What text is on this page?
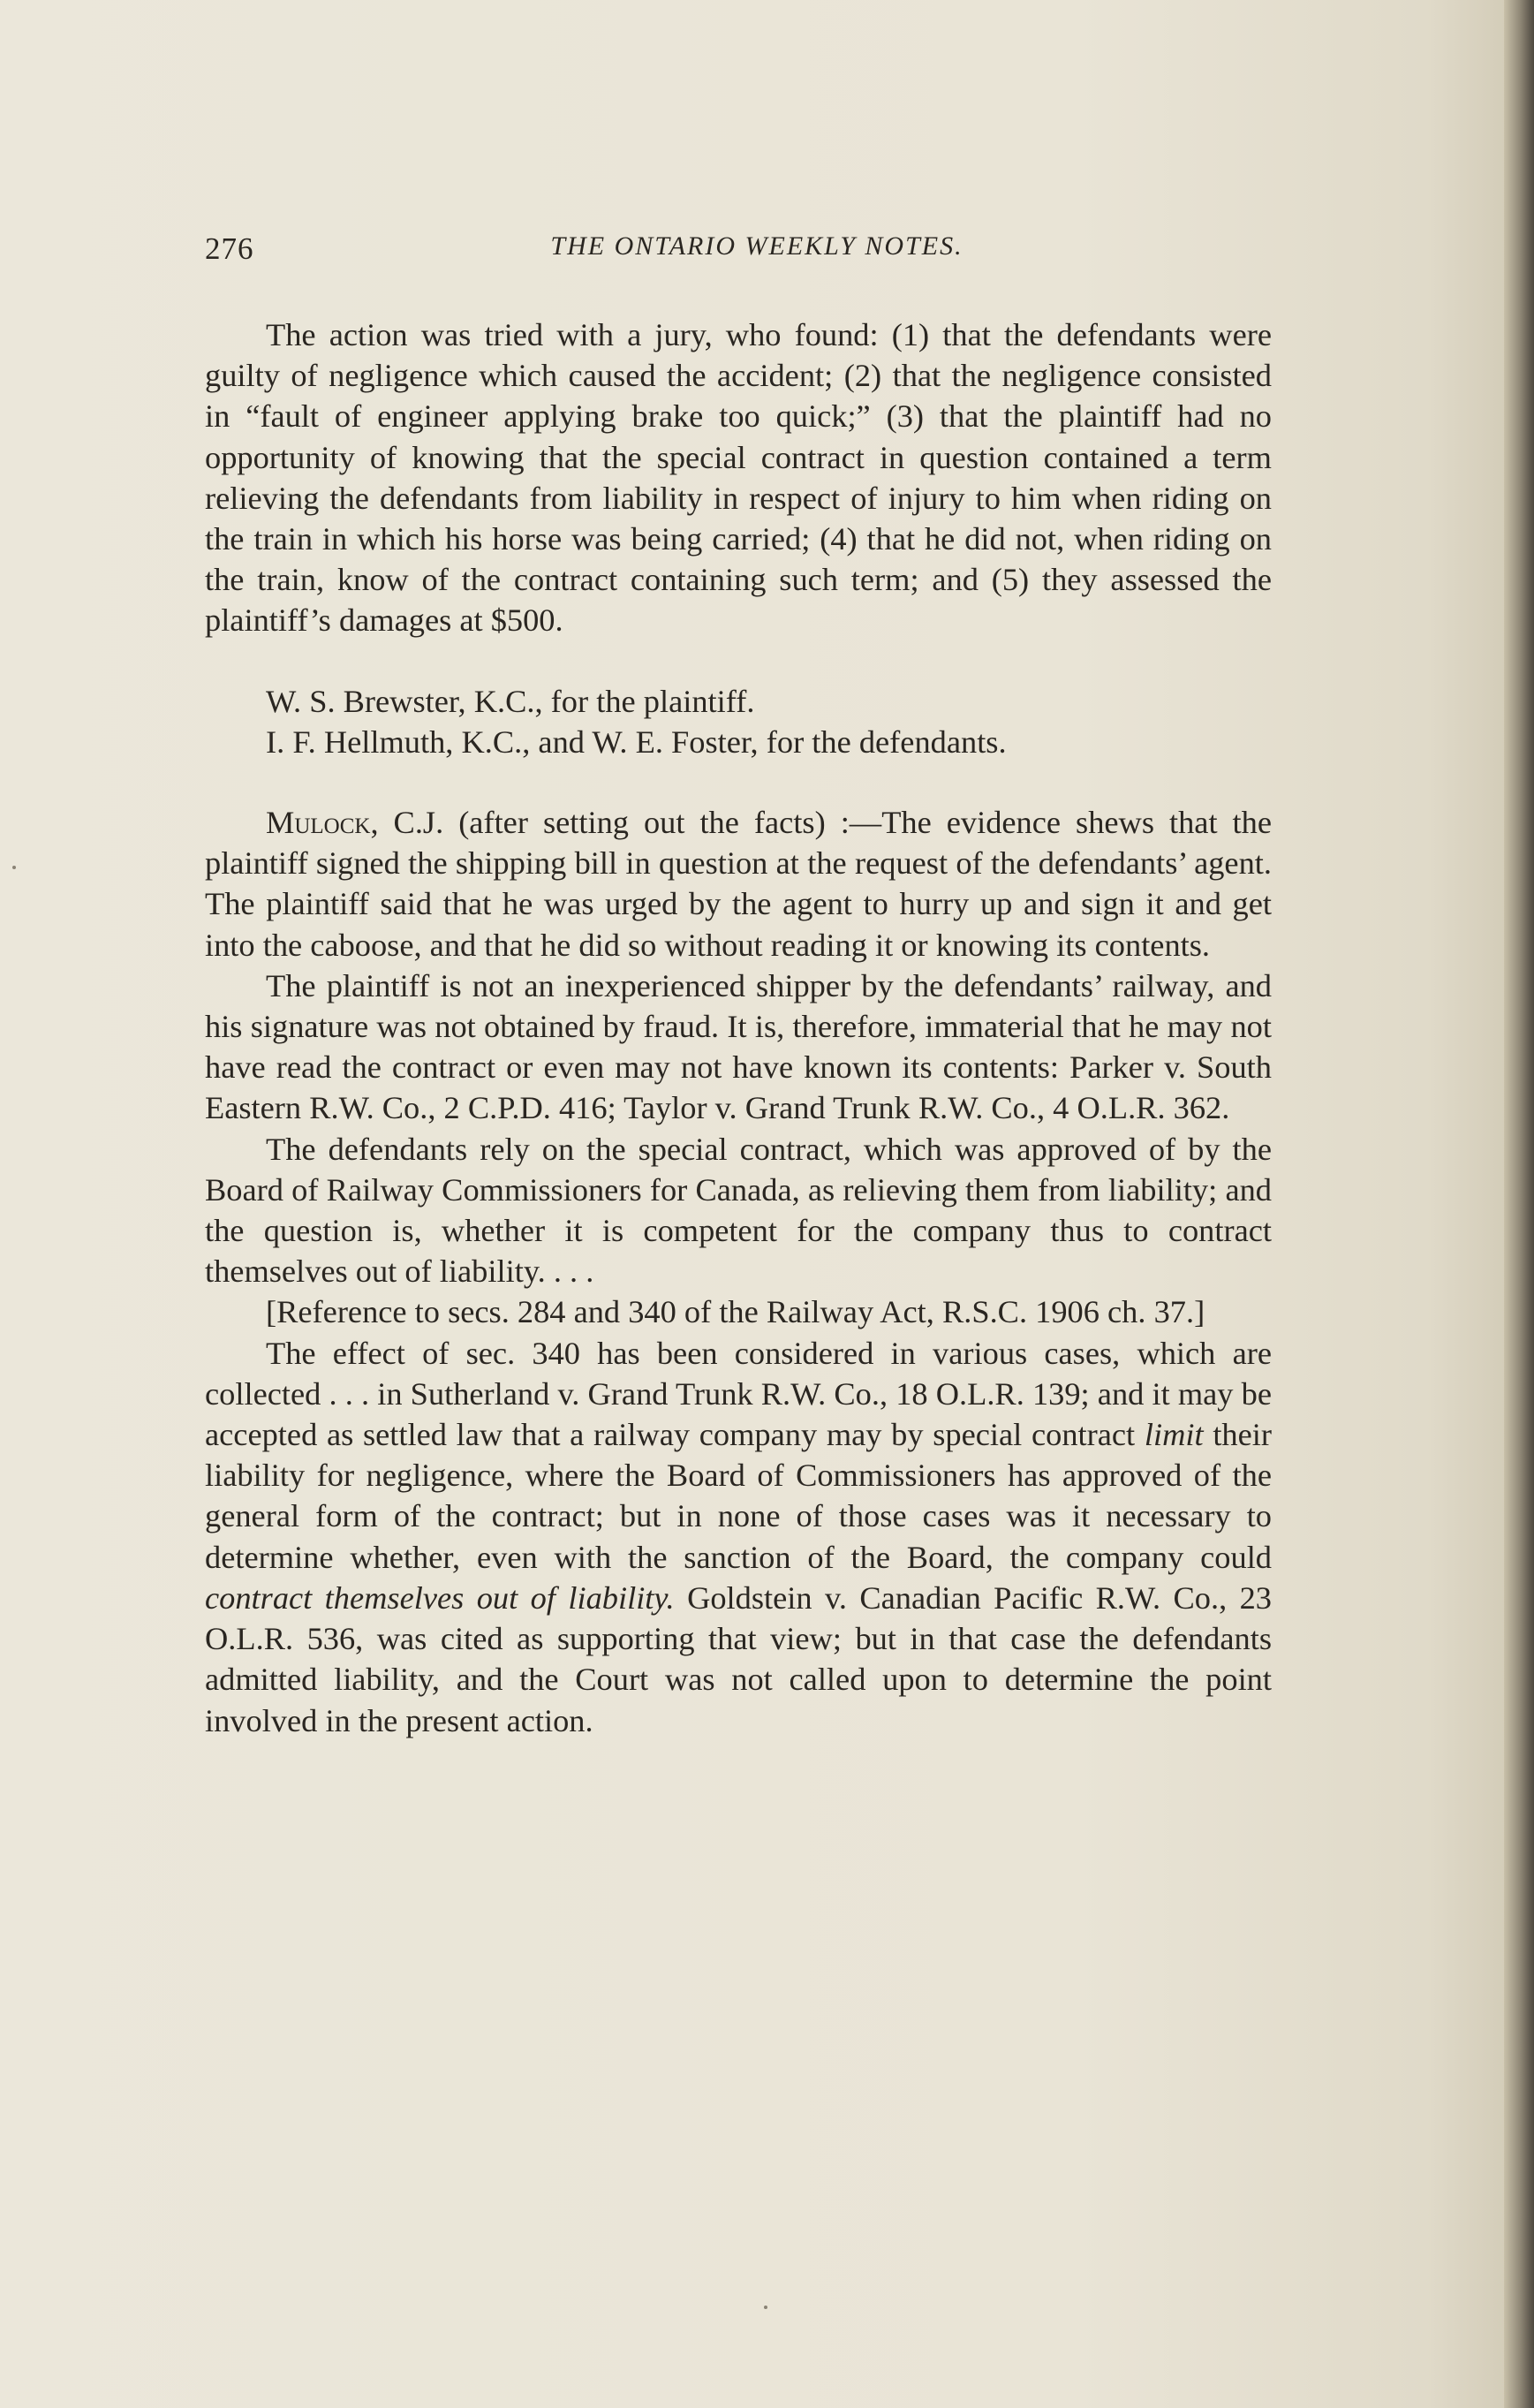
276	THE ONTARIO WEEKLY NOTES.

The action was tried with a jury, who found: (1) that the defendants were guilty of negligence which caused the accident; (2) that the negligence consisted in “fault of engineer applying brake too quick;” (3) that the plaintiff had no opportunity of knowing that the special contract in question contained a term relieving the defendants from liability in respect of injury to him when riding on the train in which his horse was being carried; (4) that he did not, when riding on the train, know of the contract containing such term; and (5) they assessed the plaintiff’s damages at $500.

W. S. Brewster, K.C., for the plaintiff.

I. F. Hellmuth, K.C., and W. E. Foster, for the defendants.

Mulock, C.J. (after setting out the facts) :—The evidence shews that the plaintiff signed the shipping bill in question at the request of the defendants’ agent. The plaintiff said that he was urged by the agent to hurry up and sign it and get into the caboose, and that he did so without reading it or knowing its contents.

The plaintiff is not an inexperienced shipper by the defendants’ railway, and his signature was not obtained by fraud. It is, therefore, immaterial that he may not have read the contract or even may not have known its contents: Parker v. South Eastern R.W. Co., 2 C.P.D. 416; Taylor v. Grand Trunk R.W. Co., 4 O.L.R. 362.

The defendants rely on the special contract, which was approved of by the Board of Railway Commissioners for Canada, as relieving them from liability; and the question is, whether it is competent for the company thus to contract themselves out of liability. . . .

[Reference to secs. 284 and 340 of the Railway Act, R.S.C. 1906 ch. 37.]

The effect of sec. 340 has been considered in various cases, which are collected . . . in Sutherland v. Grand Trunk R.W. Co., 18 O.L.R. 139; and it may be accepted as settled law that a railway company may by special contract limit their liability for negligence, where the Board of Commissioners has approved of the general form of the contract; but in none of those cases was it necessary to determine whether, even with the sanction of the Board, the company could contract themselves out of liability. Goldstein v. Canadian Pacific R.W. Co., 23 O.L.R. 536, was cited as supporting that view; but in that case the defendants admitted liability, and the Court was not called upon to determine the point involved in the present action.
